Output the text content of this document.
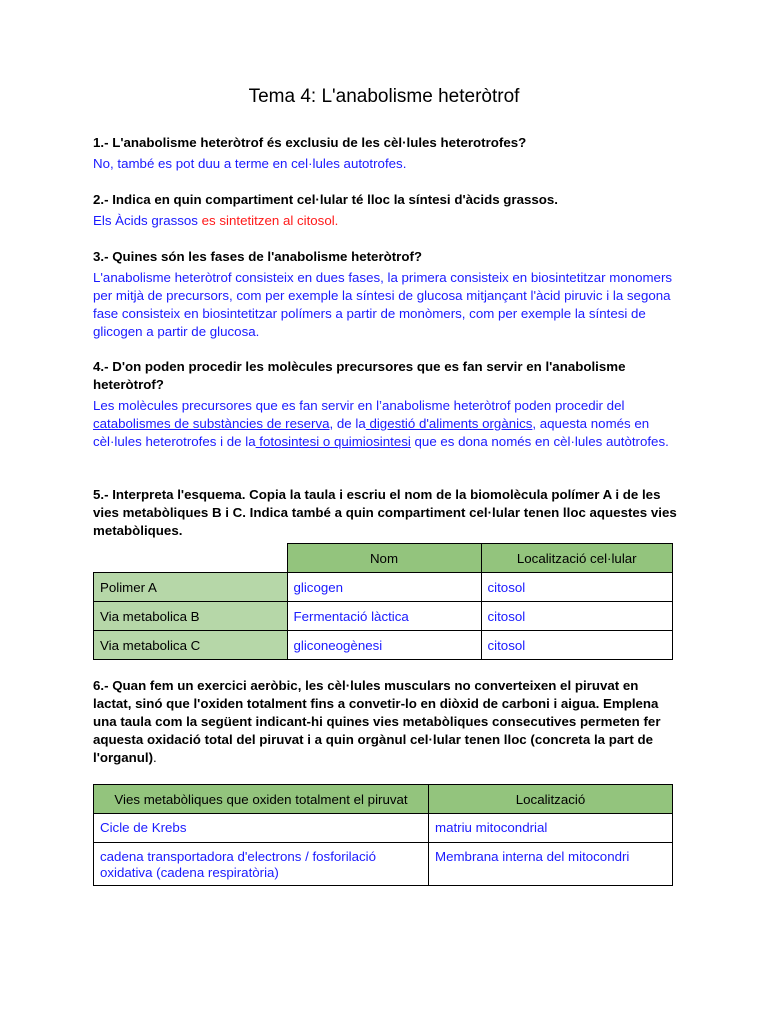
Tema 4: L'anabolisme heteròtrof
1.- L'anabolisme heteròtrof és exclusiu de les cèl·lules heterotrofes?
No, també es pot duu a terme en cel·lules autotrofes.
2.- Indica en quin compartiment cel·lular té lloc la síntesi d'àcids grassos.
Els Àcids grassos es sintetitzen al citosol.
3.- Quines són les fases de l'anabolisme heteròtrof?
L'anabolisme heteròtrof consisteix en dues fases, la primera consisteix en biosintetitzar monomers per mitjà de precursors, com per exemple la síntesi de glucosa mitjançant l'àcid piruvic i la segona fase consisteix en biosintetitzar polímers a partir de monòmers, com per exemple la síntesi de glicogen a partir de glucosa.
4.- D'on poden procedir les molècules precursores que es fan servir en l'anabolisme heteròtrof?
Les molècules precursores que es fan servir en l’anabolisme heteròtrof poden procedir del catabolismes de substàncies de reserva, de la digestió d'aliments orgànics, aquesta només en cèl·lules heterotrofes i de la fotosintesi o quimiosintesi que es dona només en cèl·lules autòtrofes.
5.- Interpreta l'esquema. Copia la taula i escriu el nom de la biomolècula polímer A i de les vies metabòliques B i C. Indica també a quin compartiment cel·lular tenen lloc aquestes vies metabòliques.
	Nom	Localització cel·lular
Polimer A	glicogen	citosol
Via metabolica B	Fermentació làctica	citosol
Via metabolica C	gliconeogènesi	citosol
6.- Quan fem un exercici aeròbic, les cèl·lules musculars no converteixen el piruvat en lactat, sinó que l'oxiden totalment fins a convetir-lo en diòxid de carboni i aigua. Emplena una taula com la següent indicant-hi quines vies metabòliques consecutives permeten fer aquesta oxidació total del piruvat i a quin orgànul cel·lular tenen lloc (concreta la part de l'organul).
Vies metabòliques que oxiden totalment el piruvat	Localització
Cicle de Krebs	matriu mitocondrial
cadena transportadora d'electrons / fosforilació oxidativa (cadena respiratòria)	Membrana interna del mitocondri
